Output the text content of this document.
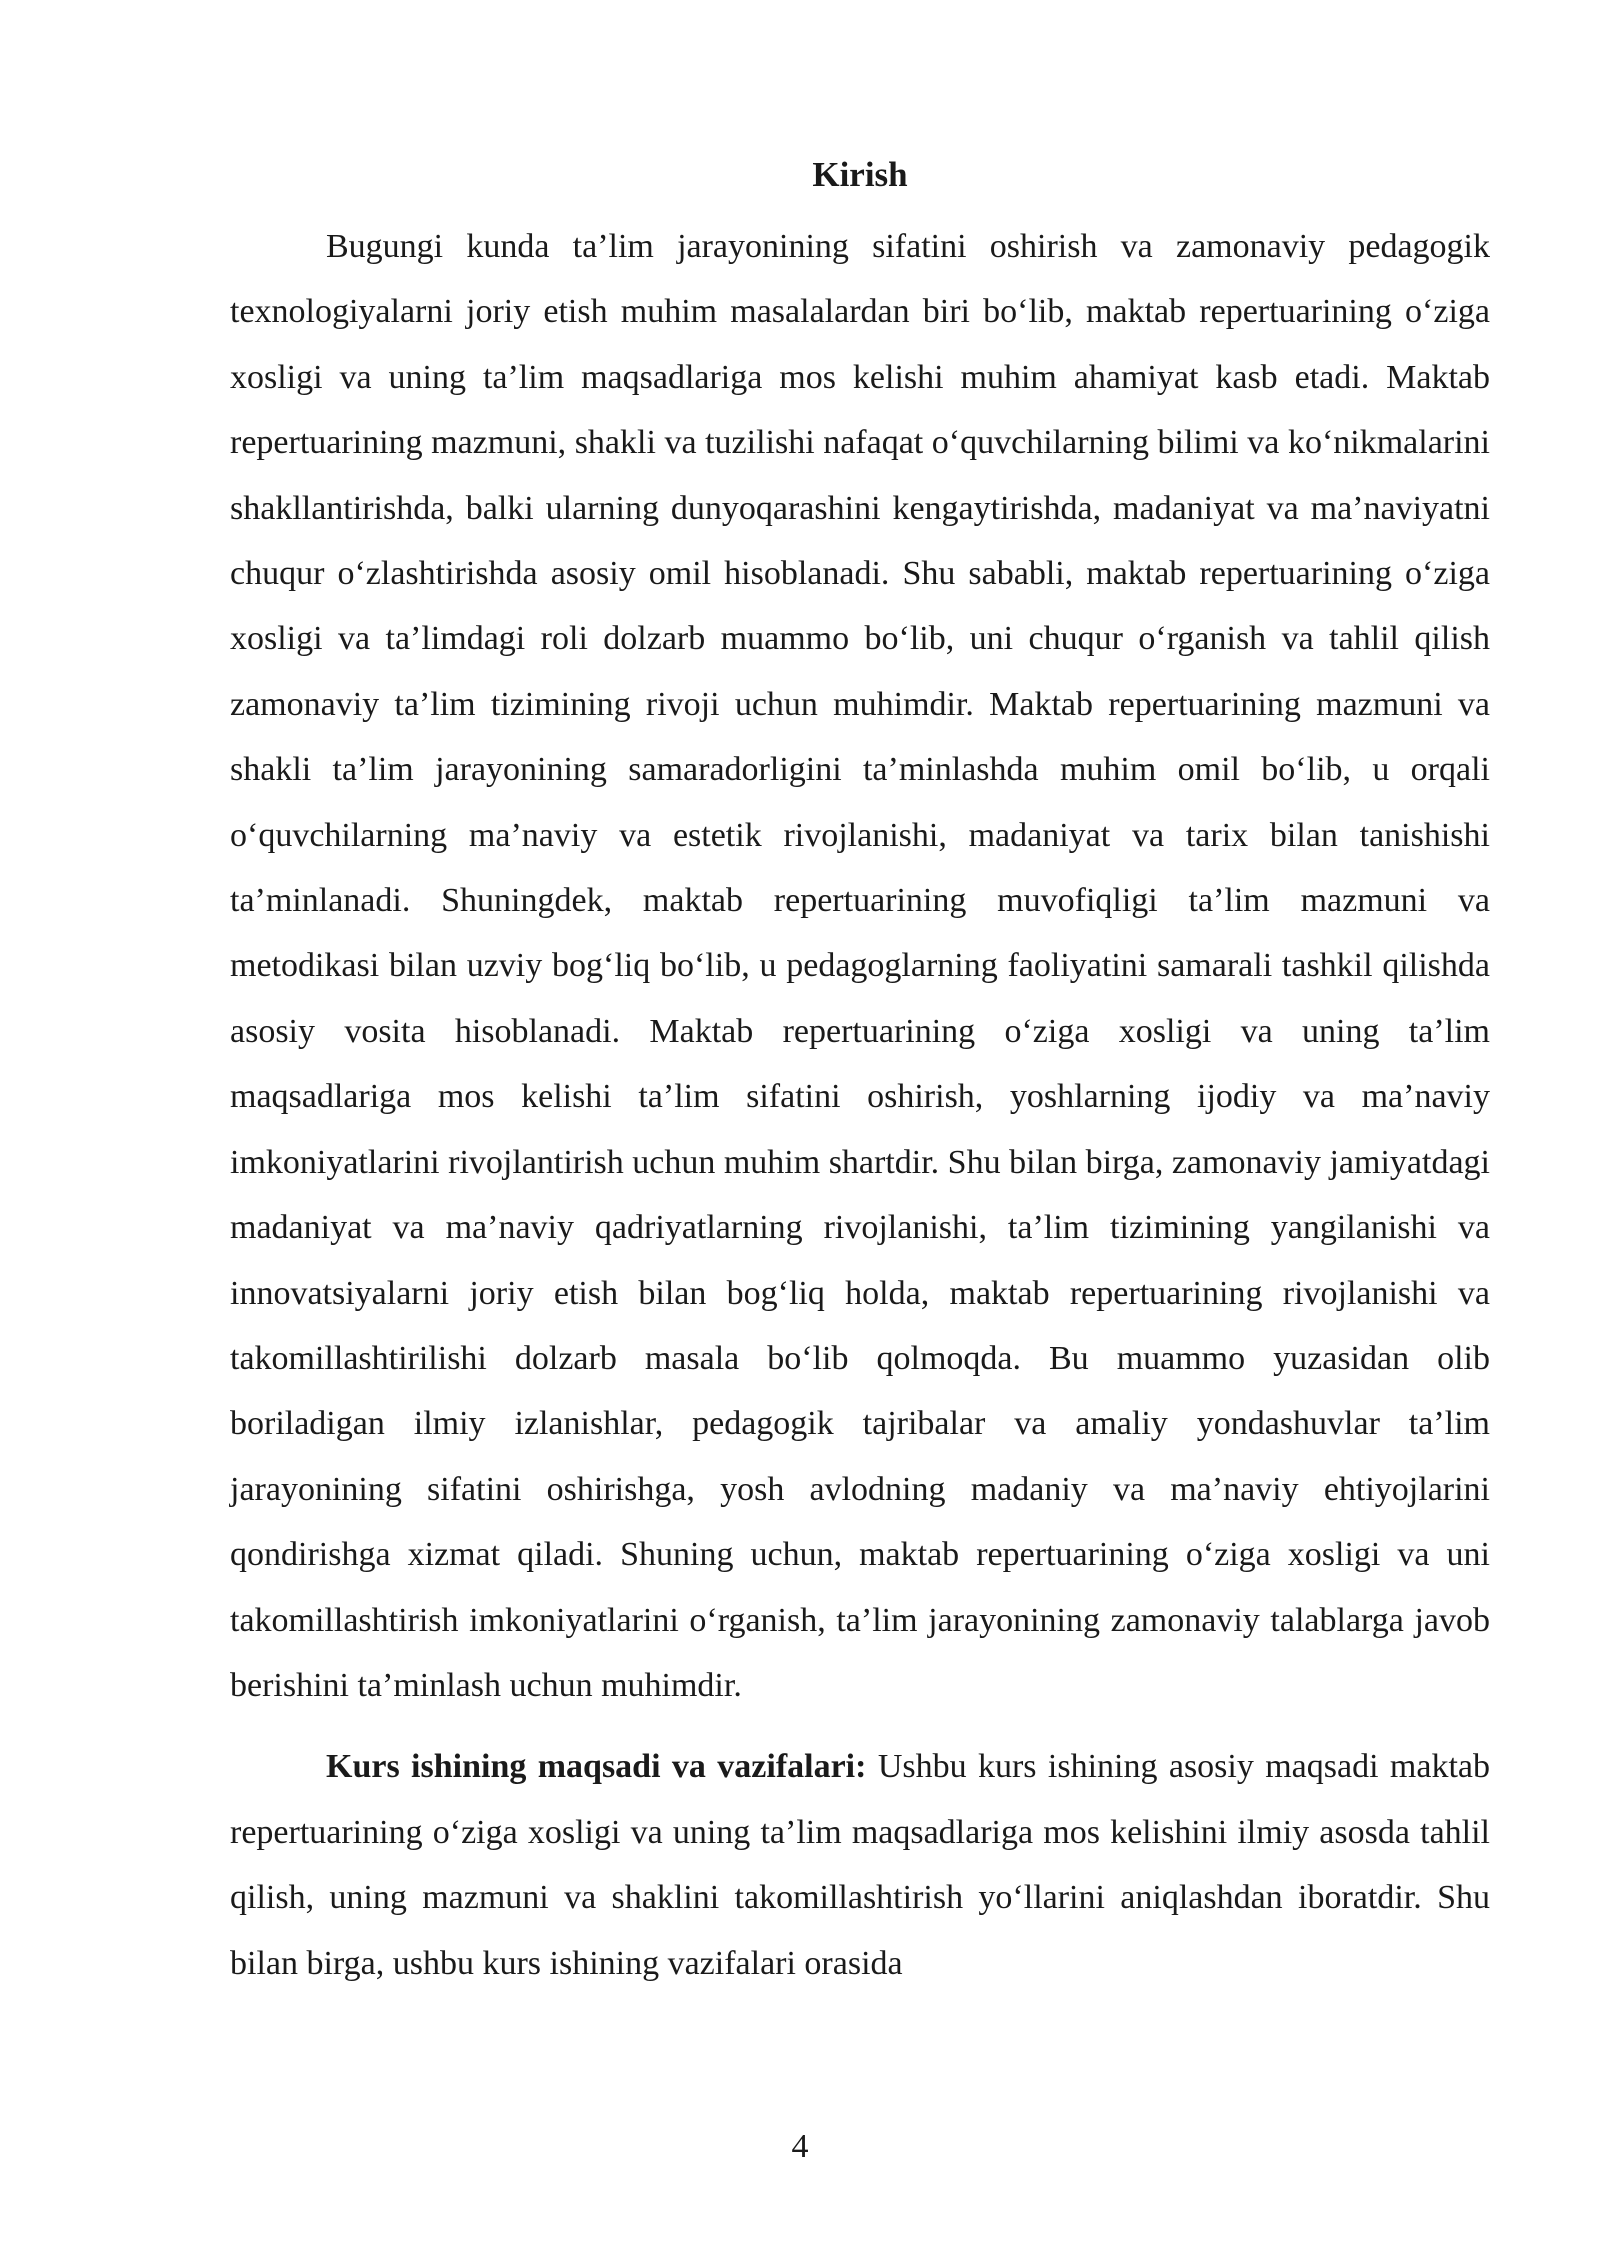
Kirish

Bugungi kunda ta’lim jarayonining sifatini oshirish va zamonaviy pedagogik texnologiyalarni joriy etish muhim masalalardan biri bo‘lib, maktab repertuarining o‘ziga xosligi va uning ta’lim maqsadlariga mos kelishi muhim ahamiyat kasb etadi. Maktab repertuarining mazmuni, shakli va tuzilishi nafaqat o‘quvchilarning bilimi va ko‘nikmalarini shakllantirishda, balki ularning dunyoqarashini kengaytirishda, madaniyat va ma’naviyatni chuqur o‘zlashtirishda asosiy omil hisoblanadi. Shu sababli, maktab repertuarining o‘ziga xosligi va ta’limdagi roli dolzarb muammo bo‘lib, uni chuqur o‘rganish va tahlil qilish zamonaviy ta’lim tizimining rivoji uchun muhimdir. Maktab repertuarining mazmuni va shakli ta’lim jarayonining samaradorligini ta’minlashda muhim omil bo‘lib, u orqali o‘quvchilarning ma’naviy va estetik rivojlanishi, madaniyat va tarix bilan tanishishi ta’minlanadi. Shuningdek, maktab repertuarining muvofiqligi ta’lim mazmuni va metodikasi bilan uzviy bog‘liq bo‘lib, u pedagoglarning faoliyatini samarali tashkil qilishda asosiy vosita hisoblanadi. Maktab repertuarining o‘ziga xosligi va uning ta’lim maqsadlariga mos kelishi ta’lim sifatini oshirish, yoshlarning ijodiy va ma’naviy imkoniyatlarini rivojlantirish uchun muhim shartdir. Shu bilan birga, zamonaviy jamiyatdagi madaniyat va ma’naviy qadriyatlarning rivojlanishi, ta’lim tizimining yangilanishi va innovatsiyalarni joriy etish bilan bog‘liq holda, maktab repertuarining rivojlanishi va takomillashtirilishi dolzarb masala bo‘lib qolmoqda. Bu muammo yuzasidan olib boriladigan ilmiy izlanishlar, pedagogik tajribalar va amaliy yondashuvlar ta’lim jarayonining sifatini oshirishga, yosh avlodning madaniy va ma’naviy ehtiyojlarini qondirishga xizmat qiladi. Shuning uchun, maktab repertuarining o‘ziga xosligi va uni takomillashtirish imkoniyatlarini o‘rganish, ta’lim jarayonining zamonaviy talablarga javob berishini ta’minlash uchun muhimdir.

Kurs ishining maqsadi va vazifalari: Ushbu kurs ishining asosiy maqsadi maktab repertuarining o‘ziga xosligi va uning ta’lim maqsadlariga mos kelishini ilmiy asosda tahlil qilish, uning mazmuni va shaklini takomillashtirish yo‘llarini aniqlashdan iboratdir. Shu bilan birga, ushbu kurs ishining vazifalari orasida

4
